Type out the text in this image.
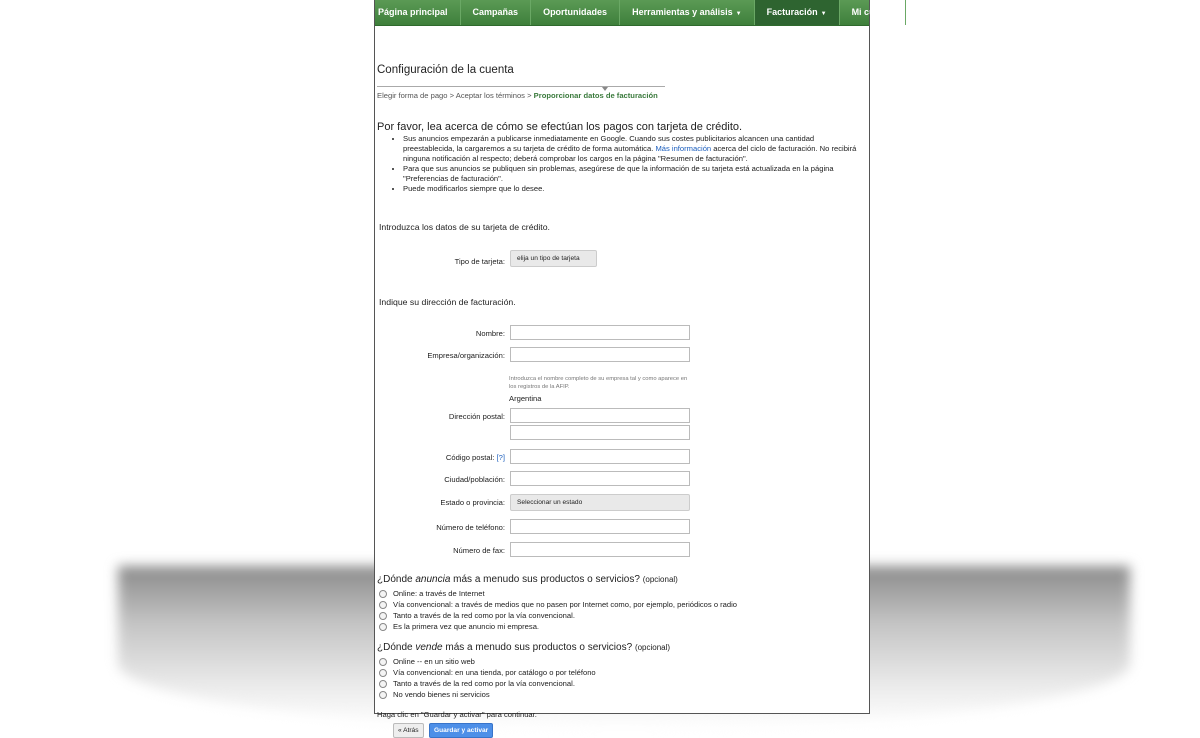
Página principal	Campañas	Oportunidades	Herramientas y análisis ▼	Facturación ▼	Mi cuenta
Configuración de la cuenta
Elegir forma de pago > Aceptar los términos > Proporcionar datos de facturación
Por favor, lea acerca de cómo se efectúan los pagos con tarjeta de crédito.
• Sus anuncios empezarán a publicarse inmediatamente en Google. Cuando sus costes publicitarios alcancen una cantidad preestablecida, la cargaremos a su tarjeta de crédito de forma automática. Más información acerca del ciclo de facturación. No recibirá ninguna notificación al respecto; deberá comprobar los cargos en la página "Resumen de facturación".
• Para que sus anuncios se publiquen sin problemas, asegúrese de que la información de su tarjeta está actualizada en la página "Preferencias de facturación".
• Puede modificarlos siempre que lo desee.
Introduzca los datos de su tarjeta de crédito.
Tipo de tarjeta:	elija un tipo de tarjeta
Indique su dirección de facturación.
Nombre:
Empresa/organización:
Introduzca el nombre completo de su empresa tal y como aparece en los registros de la AFIP.
Argentina
Dirección postal:
Código postal: [?]
Ciudad/población:
Estado o provincia:	Seleccionar un estado
Número de teléfono:
Número de fax:
¿Dónde anuncia más a menudo sus productos o servicios? (opcional)
Online: a través de Internet
Vía convencional: a través de medios que no pasen por Internet como, por ejemplo, periódicos o radio
Tanto a través de la red como por la vía convencional.
Es la primera vez que anuncio mi empresa.
¿Dónde vende más a menudo sus productos o servicios? (opcional)
Online -- en un sitio web
Vía convencional: en una tienda, por catálogo o por teléfono
Tanto a través de la red como por la vía convencional.
No vendo bienes ni servicios
Haga clic en "Guardar y activar" para continuar.
« Atrás	Guardar y activar
